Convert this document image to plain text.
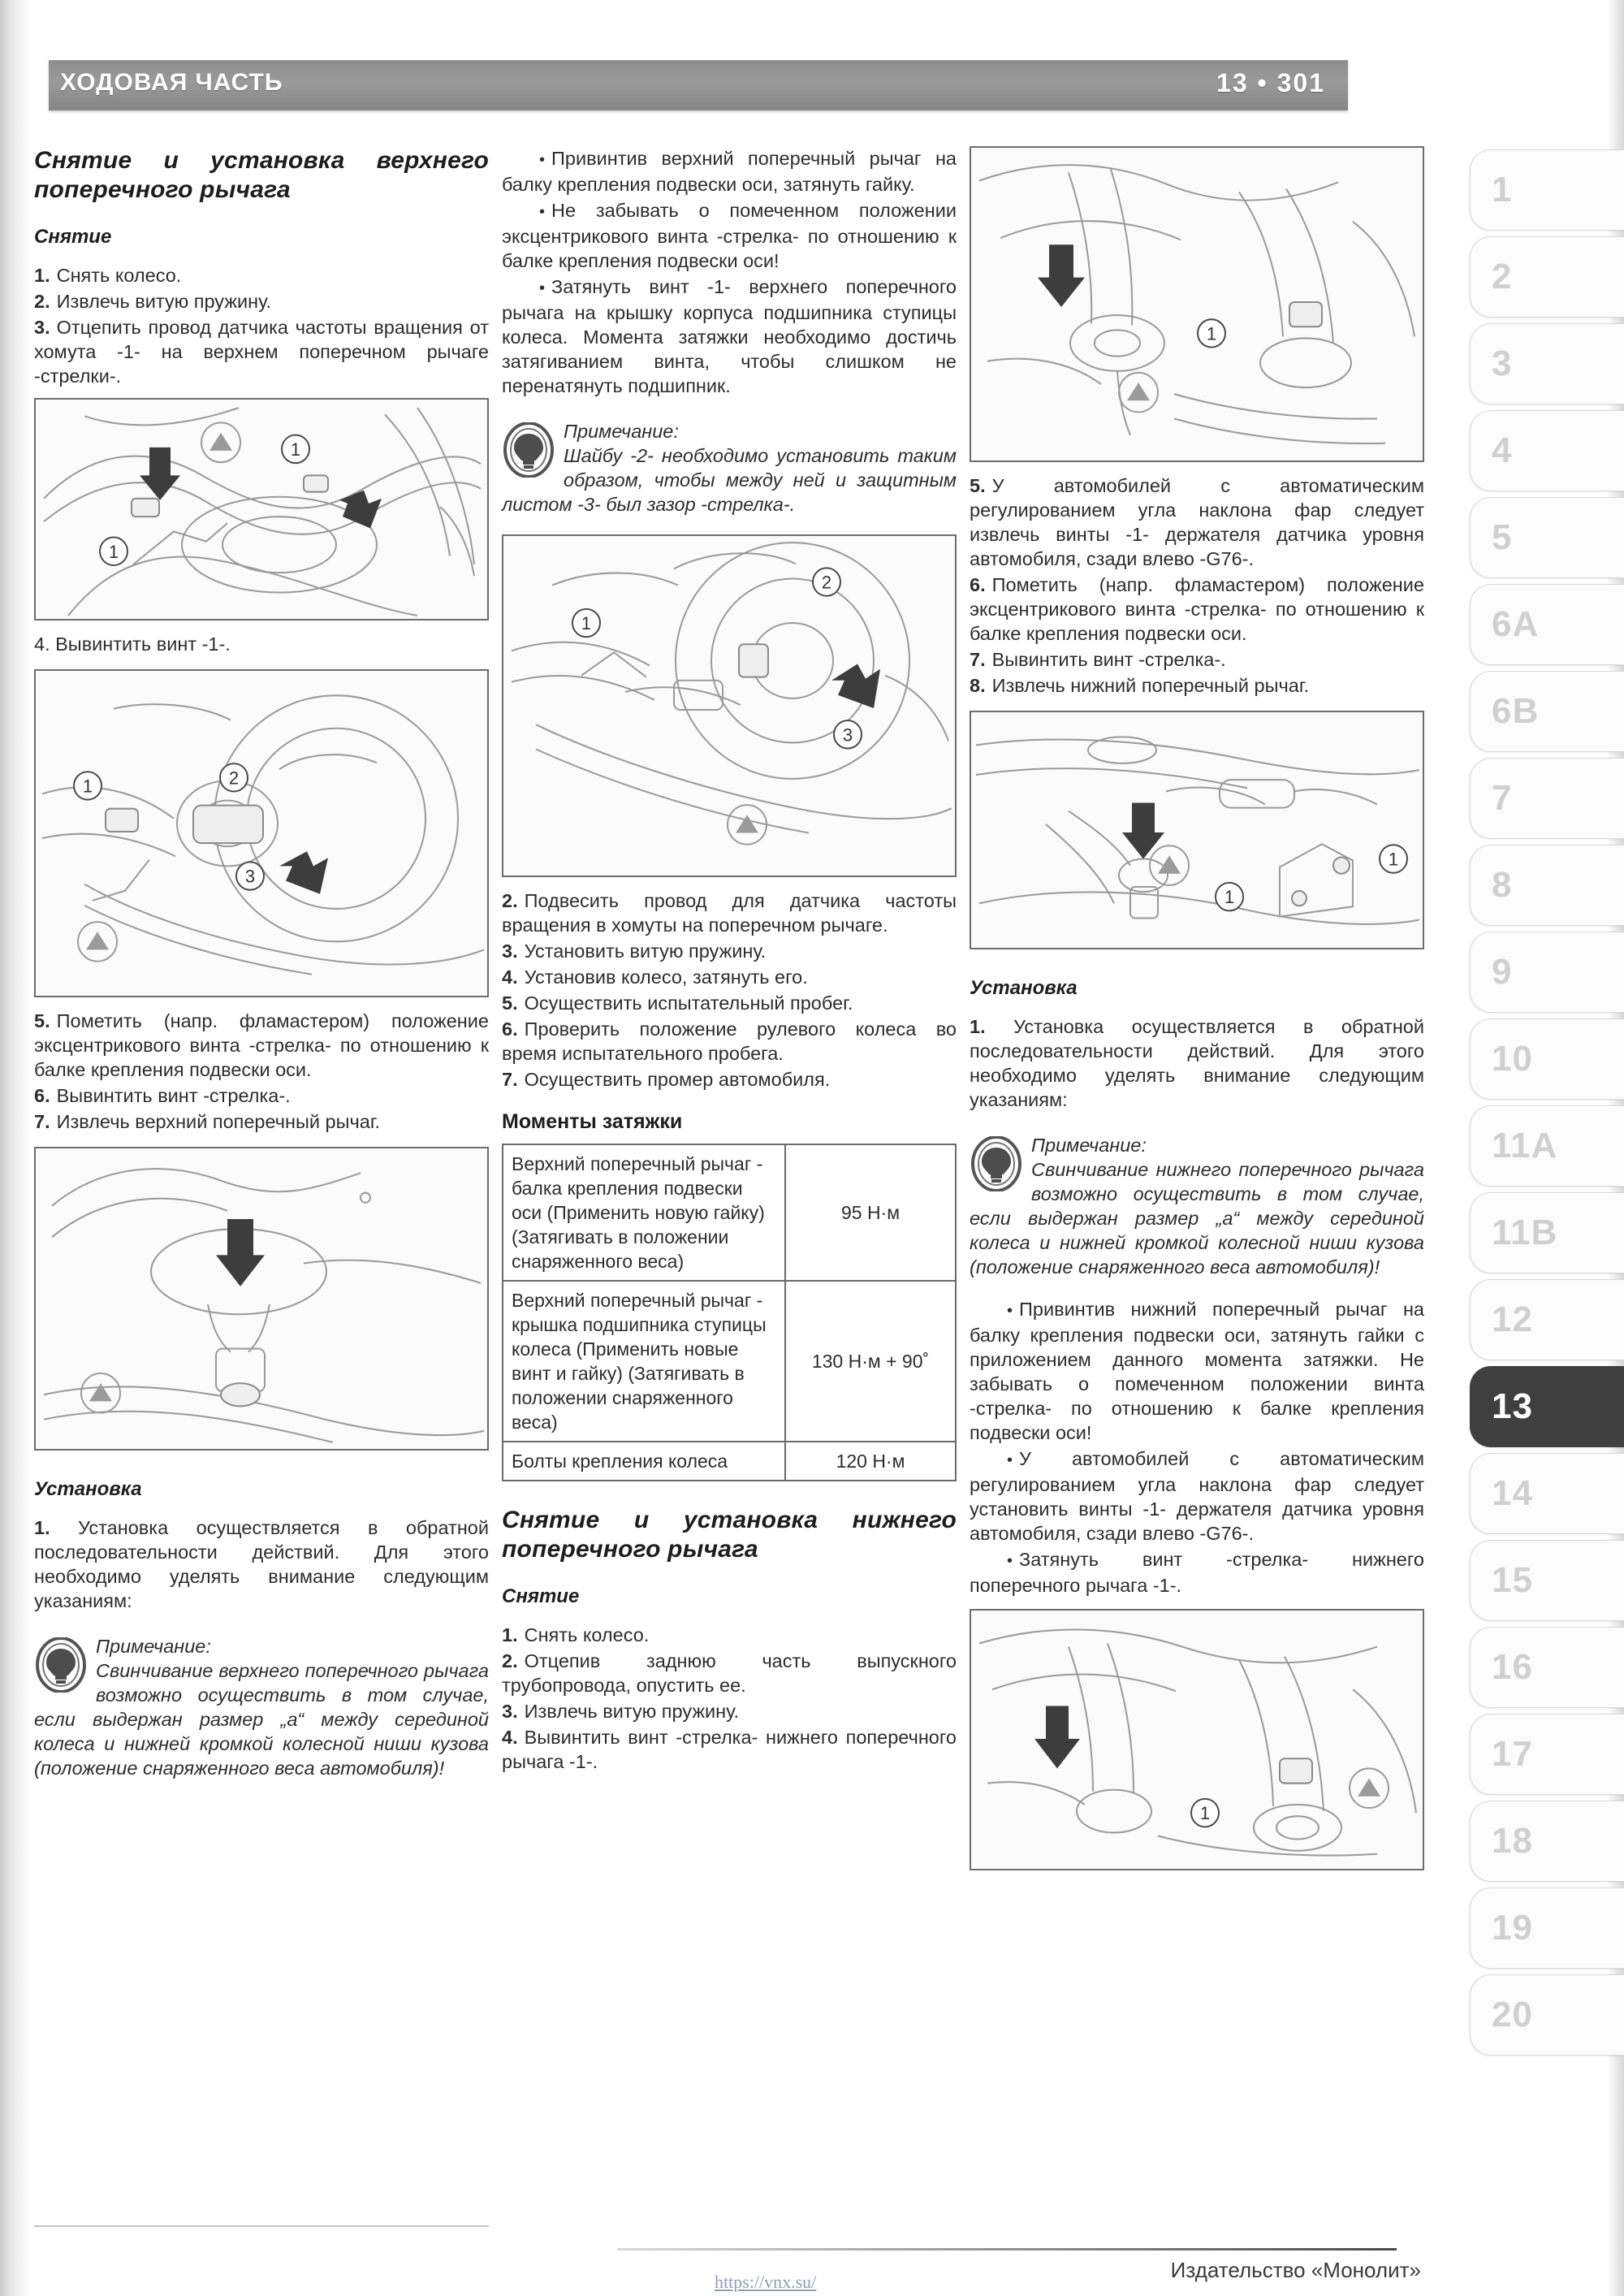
ХОДОВАЯ ЧАСТЬ	13 • 301
Снятие и установка верхнего поперечного рычага
Снятие
1. Снять колесо.
2. Извлечь витую пружину.
3. Отцепить провод датчика частоты вращения от хомута -1- на верхнем поперечном рычаге -стрелки-.
1
1

4. Вывинтить винт -1-.

1	2
3
5. Пометить (напр. фламастером) положение эксцентрикового винта -стрелка- по отношению к балке крепления подвески оси.
6. Вывинтить винт -стрелка-.
7. Извлечь верхний поперечный рычаг.
Установка

1. Установка осуществляется в обратной последовательности действий. Для этого необходимо уделять внимание следующим указаниям:

Примечание:
Свинчивание верхнего поперечного рычага возможно осуществить в том случае, если выдержан размер „а“ между серединой колеса и нижней кромкой колесной ниши кузова (положение снаряженного веса автомобиля)!
• Привинтив верхний поперечный рычаг на балку крепления подвески оси, затянуть гайку.
• Не забывать о помеченном положении эксцентрикового винта -стрелка- по отношению к балке крепления подвески оси!
• Затянуть винт -1- верхнего поперечного рычага на крышку корпуса подшипника ступицы колеса. Момента затяжки необходимо достичь затягиванием винта, чтобы слишком не перенатянуть подшипник.
Примечание:
Шайбу -2- необходимо установить таким образом, чтобы между ней и защитным листом -3- был зазор -стрелка-.
1
2
3
2. Подвесить провод для датчика частоты вращения в хомуты на поперечном рычаге.
3. Установить витую пружину.
4. Установив колесо, затянуть его.
5. Осуществить испытательный пробег.
6. Проверить положение рулевого колеса во время испытательного пробега.
7. Осуществить промер автомобиля.
Моменты затяжки
Верхний поперечный рычаг - балка крепления подвески оси (Применить новую гайку) (Затягивать в положении снаряженного веса)	95 Н·м
Верхний поперечный рычаг - крышка подшипника ступицы колеса (Применить новые винт и гайку) (Затягивать в положении снаряженного веса)	130 Н·м + 90˚
Болты крепления колеса	120 Н·м
Снятие и установка нижнего поперечного рычага
Снятие
1. Снять колесо.
2. Отцепив заднюю часть выпускного трубопровода, опустить ее.
3. Извлечь витую пружину.
4. Вывинтить винт -стрелка- нижнего поперечного рычага -1-.
1
5. У автомобилей с автоматическим регулированием угла наклона фар следует извлечь винты -1- держателя датчика уровня автомобиля, сзади влево -G76-.
6. Пометить (напр. фламастером) положение эксцентрикового винта -стрелка- по отношению к балке крепления подвески оси.
7. Вывинтить винт -стрелка-.
8. Извлечь нижний поперечный рычаг.
1
1
Установка

1. Установка осуществляется в обратной последовательности действий. Для этого необходимо уделять внимание следующим указаниям:

Примечание:
Свинчивание нижнего поперечного рычага возможно осуществить в том случае, если выдержан размер „а“ между серединой колеса и нижней кромкой колесной ниши кузова (положение снаряженного веса автомобиля)!
• Привинтив нижний поперечный рычаг на балку крепления подвески оси, затянуть гайки с приложением данного момента затяжки. Не забывать о помеченном положении винта -стрелка- по отношению к балке крепления подвески оси!
• У автомобилей с автоматическим регулированием угла наклона фар следует установить винты -1- держателя датчика уровня автомобиля, сзади влево -G76-.
• Затянуть винт -стрелка- нижнего поперечного рычага -1-.
1
1
2
3
4
5
6A
6B
7
8
9
10
11A
11B
12
13
14
15
16
17
18
19
20
Издательство «Монолит»
https://vnx.su/
